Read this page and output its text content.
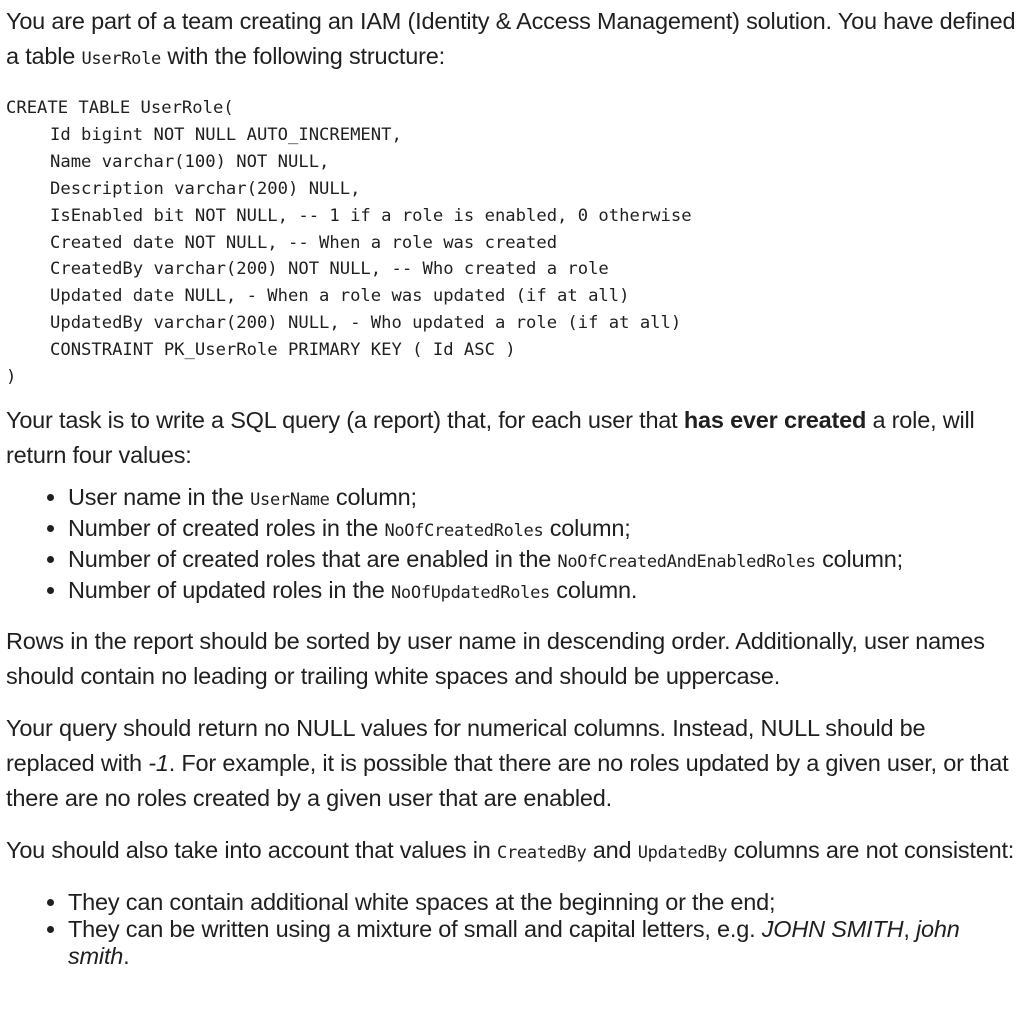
You are part of a team creating an IAM (Identity & Access Management) solution. You have defined a table UserRole with the following structure:

CREATE TABLE UserRole(
Id bigint NOT NULL AUTO_INCREMENT,
Name varchar(100) NOT NULL,
Description varchar(200) NULL,
IsEnabled bit NOT NULL, -- 1 if a role is enabled, 0 otherwise
Created date NOT NULL, -- When a role was created
CreatedBy varchar(200) NOT NULL, -- Who created a role
Updated date NULL, - When a role was updated (if at all)
UpdatedBy varchar(200) NULL, - Who updated a role (if at all)
CONSTRAINT PK_UserRole PRIMARY KEY ( Id ASC )
)

Your task is to write a SQL query (a report) that, for each user that has ever created a role, will return four values:

• User name in the UserName column;
• Number of created roles in the NoOfCreatedRoles column;
• Number of created roles that are enabled in the NoOfCreatedAndEnabledRoles column;
• Number of updated roles in the NoOfUpdatedRoles column.

Rows in the report should be sorted by user name in descending order. Additionally, user names should contain no leading or trailing white spaces and should be uppercase.

Your query should return no NULL values for numerical columns. Instead, NULL should be replaced with -1. For example, it is possible that there are no roles updated by a given user, or that there are no roles created by a given user that are enabled.

You should also take into account that values in CreatedBy and UpdatedBy columns are not consistent:

• They can contain additional white spaces at the beginning or the end;
• They can be written using a mixture of small and capital letters, e.g. JOHN SMITH, john smith.
